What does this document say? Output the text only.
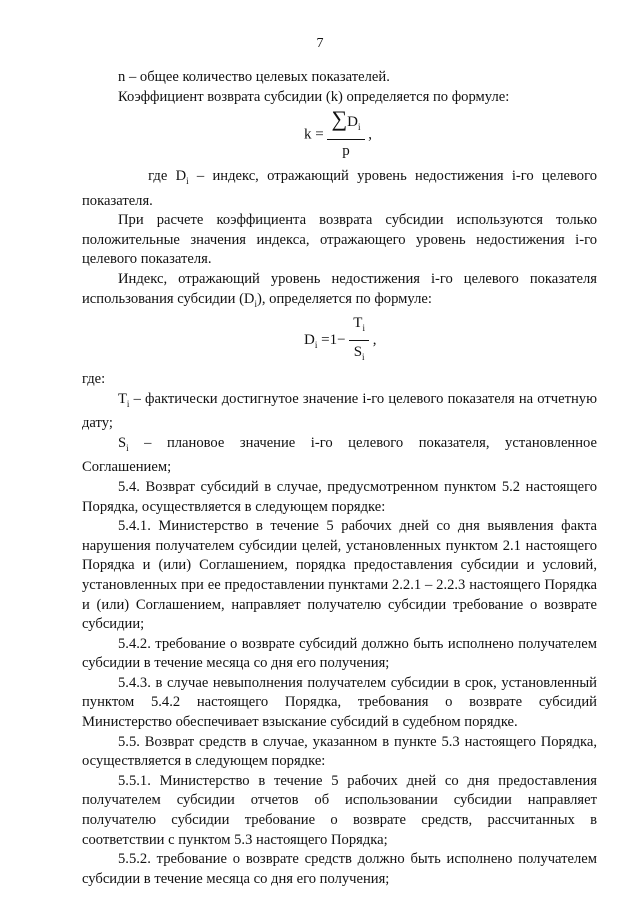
7

n – общее количество целевых показателей.

Коэффициент возврата субсидии (k) определяется по формуле:

$k = \frac{\sum D_i}{p}$ ,

где $D_i$ – индекс, отражающий уровень недостижения i-го целевого показателя.

При расчете коэффициента возврата субсидии используются только положительные значения индекса, отражающего уровень недостижения i-го целевого показателя.

Индекс, отражающий уровень недостижения i-го целевого показателя использования субсидии $(D_i)$, определяется по формуле:

$D_i =1- \frac{T_i}{S_i}$ ,

где:

$T_i$ – фактически достигнутое значение i-го целевого показателя на отчетную дату;

$S_i$ – плановое значение i-го целевого показателя, установленное Соглашением;

5.4. Возврат субсидий в случае, предусмотренном пунктом 5.2 настоящего Порядка, осуществляется в следующем порядке:

5.4.1. Министерство в течение 5 рабочих дней со дня выявления факта нарушения получателем субсидии целей, установленных пунктом 2.1 настоящего Порядка и (или) Соглашением, порядка предоставления субсидии и условий, установленных при ее предоставлении пунктами 2.2.1 – 2.2.3 настоящего Порядка и (или) Соглашением, направляет получателю субсидии требование о возврате субсидии;

5.4.2. требование о возврате субсидий должно быть исполнено получателем субсидии в течение месяца со дня его получения;

5.4.3. в случае невыполнения получателем субсидии в срок, установленный пунктом 5.4.2 настоящего Порядка, требования о возврате субсидий Министерство обеспечивает взыскание субсидий в судебном порядке.

5.5. Возврат средств в случае, указанном в пункте 5.3 настоящего Порядка, осуществляется в следующем порядке:

5.5.1. Министерство в течение 5 рабочих дней со дня предоставления получателем субсидии отчетов об использовании субсидии направляет получателю субсидии требование о возврате средств, рассчитанных в соответствии с пунктом 5.3 настоящего Порядка;

5.5.2. требование о возврате средств должно быть исполнено получателем субсидии в течение месяца со дня его получения;
